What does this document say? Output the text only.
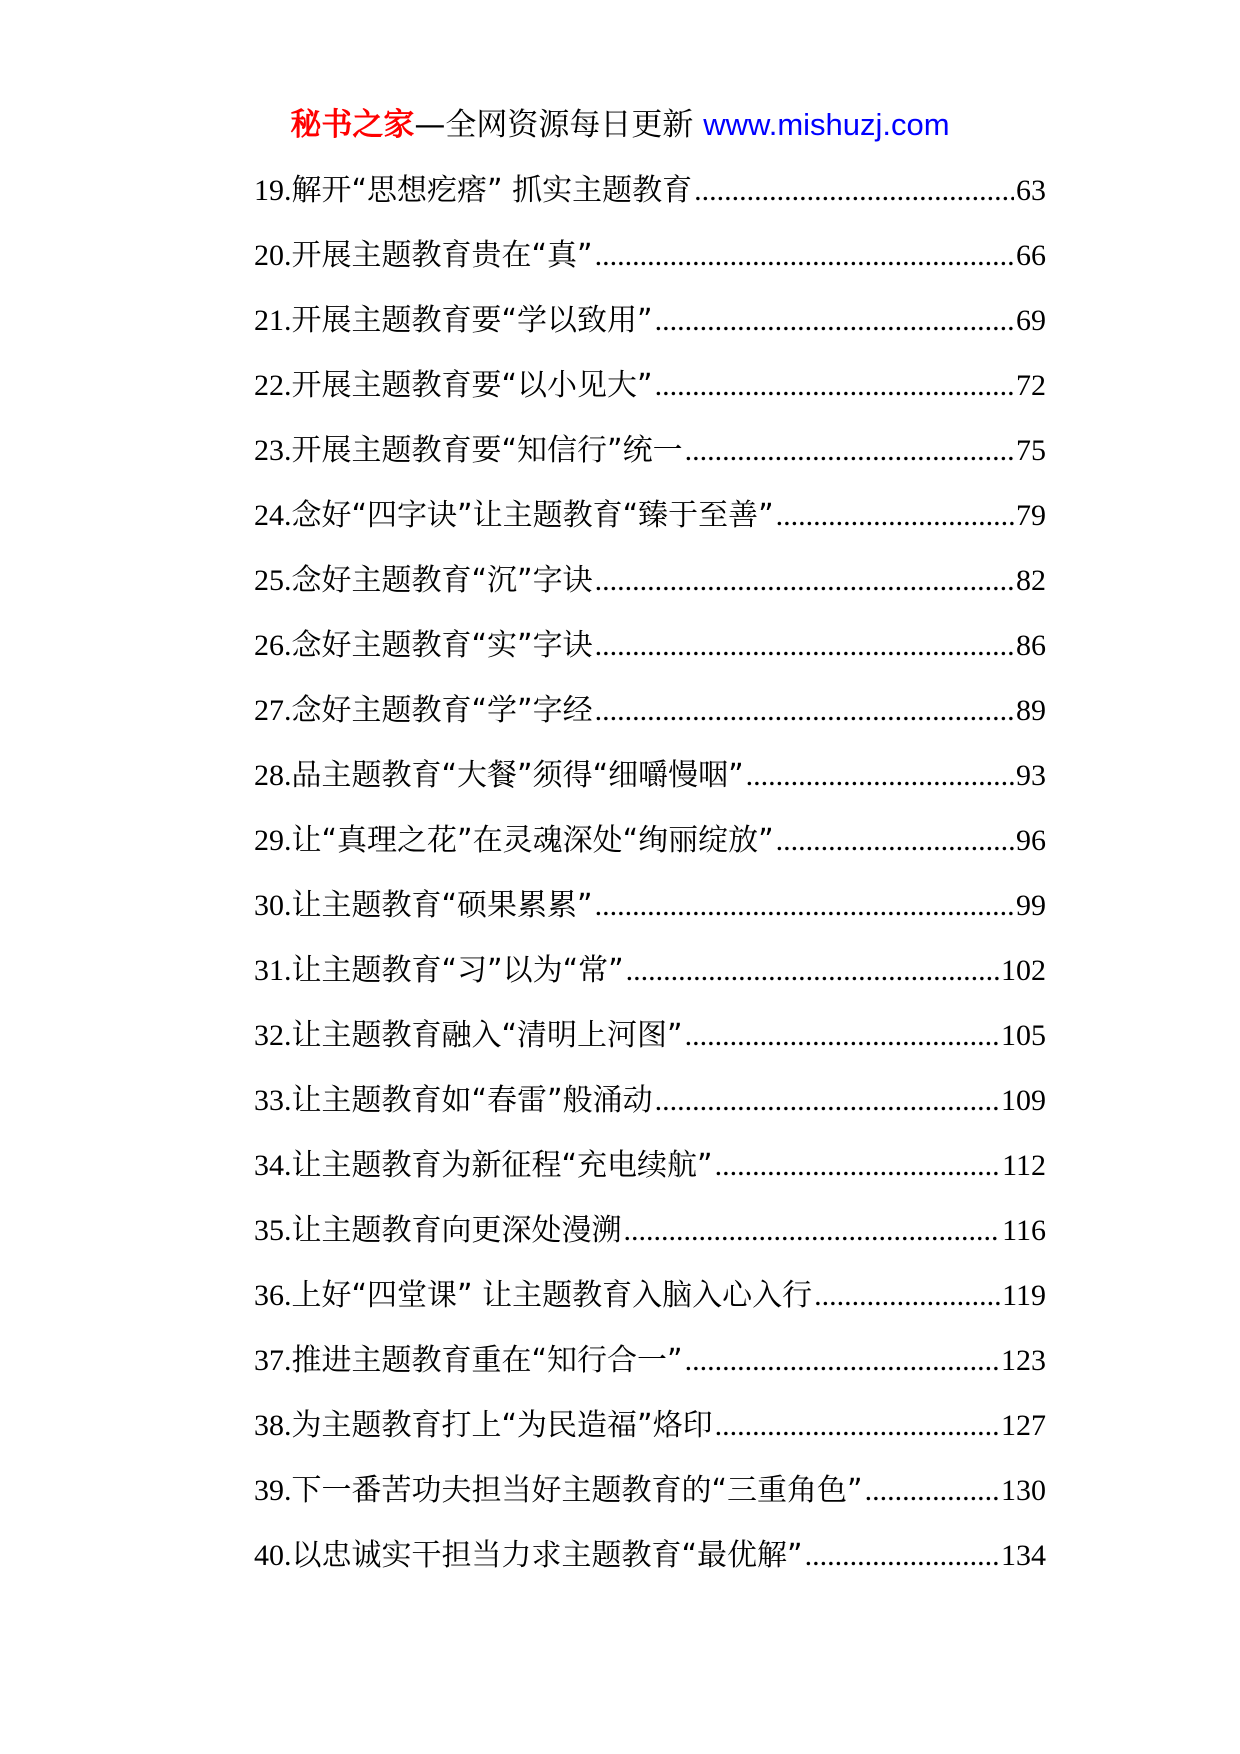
秘书之家—全网资源每日更新 www.mishuzj.com
19.解开“思想疙瘩” 抓实主题教育 .....	63
20.开展主题教育贵在“真” .....	66
21.开展主题教育要“学以致用” .....	69
22.开展主题教育要“以小见大” .....	72
23.开展主题教育要“知信行”统一 .....	75
24.念好“四字诀”让主题教育“臻于至善” .....	79
25.念好主题教育“沉”字诀 .....	82
26.念好主题教育“实”字诀 .....	86
27.念好主题教育“学”字经 .....	89
28.品主题教育“大餐”须得“细嚼慢咽” .....	93
29.让“真理之花”在灵魂深处“绚丽绽放” .....	96
30.让主题教育“硕果累累” .....	99
31.让主题教育“习”以为“常” .....	102
32.让主题教育融入“清明上河图” .....	105
33.让主题教育如“春雷”般涌动 .....	109
34.让主题教育为新征程“充电续航” .....	112
35.让主题教育向更深处漫溯 .....	116
36.上好“四堂课” 让主题教育入脑入心入行 .....	119
37.推进主题教育重在“知行合一” .....	123
38.为主题教育打上“为民造福”烙印 .....	127
39.下一番苦功夫担当好主题教育的“三重角色” .....	130
40.以忠诚实干担当力求主题教育“最优解” .....	134
